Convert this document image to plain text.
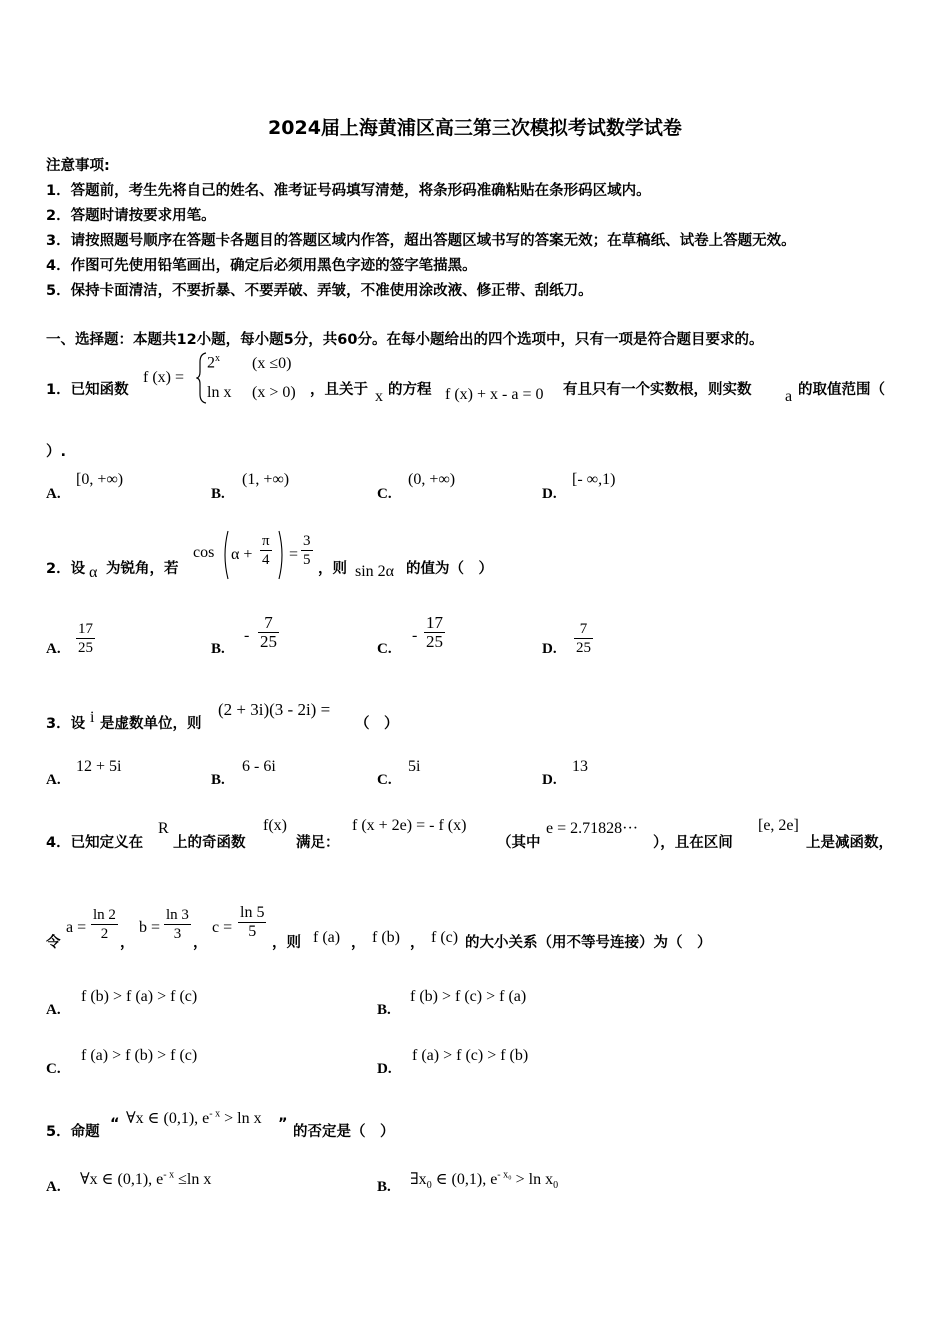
2024届上海黄浦区高三第三次模拟考试数学试卷
注意事项:
1．答题前，考生先将自己的姓名、准考证号码填写清楚，将条形码准确粘贴在条形码区域内。
2．答题时请按要求用笔。
3．请按照题号顺序在答题卡各题目的答题区域内作答，超出答题区域书写的答案无效；在草稿纸、试卷上答题无效。
4．作图可先使用铅笔画出，确定后必须用黑色字迹的签字笔描黑。
5．保持卡面清洁，不要折暴、不要弄破、弄皱，不准使用涂改液、修正带、刮纸刀。
一、选择题：本题共12小题，每小题5分，共60分。在每小题给出的四个选项中，只有一项是符合题目要求的。
1．已知函数
f (x) =
$2^x$ (x ≤0)
ln x (x > 0) ，且关于 x 的方程 f (x) + x - a = 0 有且只有一个实数根，则实数 a 的取值范围（
）.
A.
[0, +∞)
B.
(1, +∞)
C.
(0, +∞)
D.
[- ∞,1)
2．设 α 为锐角，若
$\cos \alpha + \frac{\pi}{4} = \frac{3}{5}$ ，则 sin 2α 的值为（　）
A. $\frac{17}{25}$	B.
- $\frac{7}{25}$	C.
- $\frac{17}{25}$	D. $\frac{7}{25}$
3．设 i 是虚数单位，则
(2 + 3i)(3 - 2i) =
（　）
A.
12 + 5i
B.
6 - 6i
C.
5i
D.
13
4．已知定义在
R
上的奇函数
f(x)
满足：
f (x + 2e) = - f (x)
（其中
e = 2.71828···
），且在区间
[e, 2e]
上是减函数，
令
$a = \frac{\ln 2}{2}$ ，
$b = \frac{\ln 3}{3}$ ，
$c = \frac{\ln 5}{5}$
，则 f (a) ， f (b) ， f (c) 的大小关系（用不等号连接）为（　）
A.
f (b) > f (a) > f (c)
B.
f (b) > f (c) > f (a)
C.
f (a) > f (b) > f (c)
D.
f (a) > f (c) > f (b)
5．命题 “ ∀x ∈ (0,1), $e^{- x} > \ln x$ ” 的否定是（　）
A. ∀x ∈ (0,1), $e^{- x} \le\ln$ x	B. $\exists x_0$ ∈ (0,1), $e^{- x_0} > \ln x_0$
